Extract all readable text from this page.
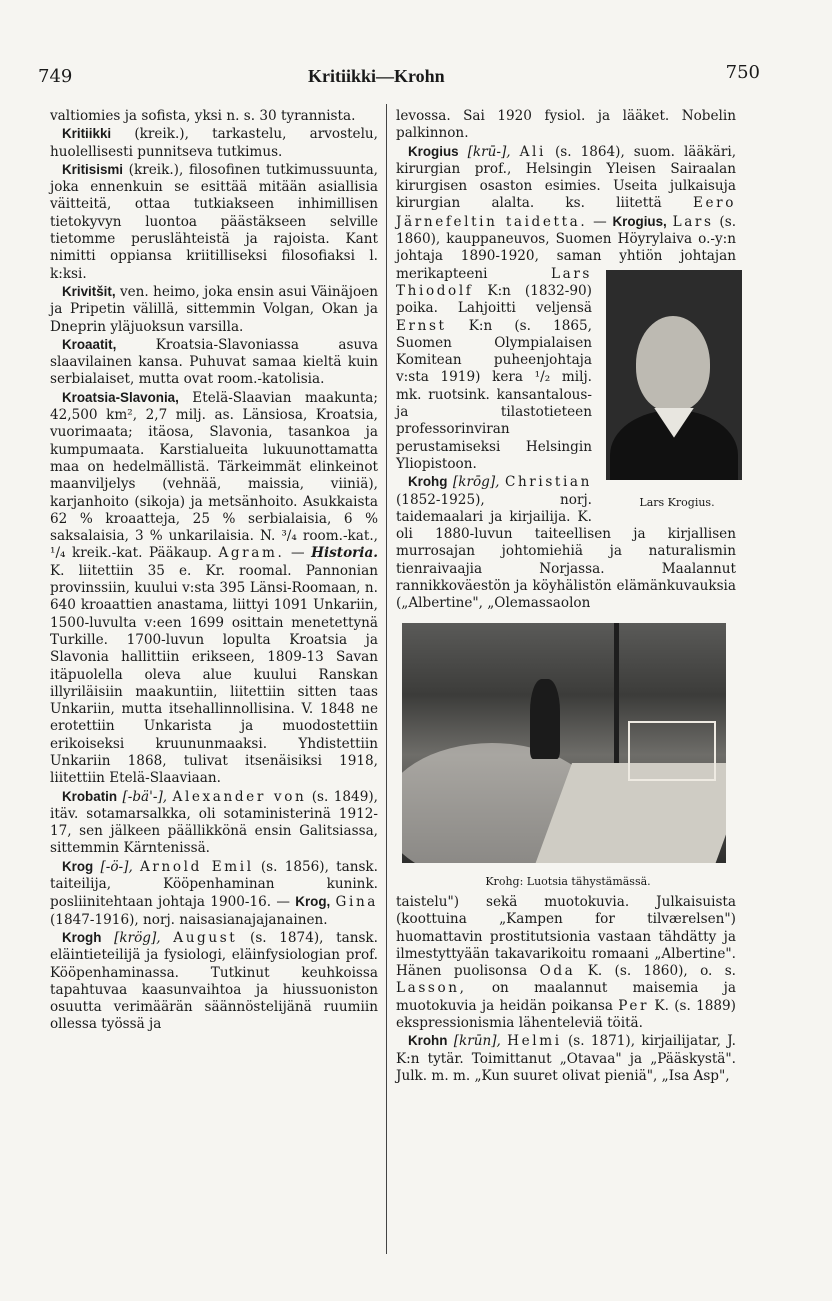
749	Kritiikki—Krohn	750

valtiomies ja sofista, yksi n. s. 30 tyrannista.

Kritiikki (kreik.), tarkastelu, arvostelu, huolellisesti punnitseva tutkimus.

Kritisismi (kreik.), filosofinen tutkimussuunta, joka ennenkuin se esittää mitään asiallisia väitteitä, ottaa tutkiakseen inhimillisen tietokyvyn luontoa päästäkseen selville tietomme peruslähteistä ja rajoista. Kant nimitti oppiansa kriitilliseksi filosofiaksi l. k:ksi.

Krivitšit, ven. heimo, joka ensin asui Väinäjoen ja Pripetin välillä, sittemmin Volgan, Okan ja Dneprin yläjuoksun varsilla.

Kroaatit, Kroatsia-Slavoniassa asuva slaavilainen kansa. Puhuvat samaa kieltä kuin serbialaiset, mutta ovat room.-katolisia.

Kroatsia-Slavonia, Etelä-Slaavian maakunta; 42,500 km², 2,7 milj. as. Länsiosa, Kroatsia, vuorimaata; itäosa, Slavonia, tasankoa ja kumpumaata. Karstialueita lukuunottamatta maa on hedelmällistä. Tärkeimmät elinkeinot maanviljelys (vehnää, maissia, viiniä), karjanhoito (sikoja) ja metsänhoito. Asukkaista 62 % kroaatteja, 25 % serbialaisia, 6 % saksalaisia, 3 % unkarilaisia. N. ³/₄ room.-kat., ¹/₄ kreik.-kat. Pääkaup. Agram. — Historia. K. liitettiin 35 e. Kr. roomal. Pannonian provinssiin, kuului v:sta 395 Länsi-Roomaan, n. 640 kroaattien anastama, liittyi 1091 Unkariin, 1500-luvulta v:een 1699 osittain menetettynä Turkille. 1700-luvun lopulta Kroatsia ja Slavonia hallittiin erikseen, 1809-13 Savan itäpuolella oleva alue kuului Ranskan illyriläisiin maakuntiin, liitettiin sitten taas Unkariin, mutta itsehallinnollisina. V. 1848 ne erotettiin Unkarista ja muodostettiin erikoiseksi kruununmaaksi. Yhdistettiin Unkariin 1868, tulivat itsenäisiksi 1918, liitettiin Etelä-Slaaviaan.

Krobatin [-bä'-], Alexander von (s. 1849), itäv. sotamarsalkka, oli sotaministerinä 1912-17, sen jälkeen päällikkönä ensin Galitsiassa, sittemmin Kärntenissä.

Krog [-ö-], Arnold Emil (s. 1856), tansk. taiteilija, Kööpenhaminan kunink. posliinitehtaan johtaja 1900-16. — Krog, Gina (1847-1916), norj. naisasianajajanainen.

Krogh [krög], August (s. 1874), tansk. eläintieteilijä ja fysiologi, eläinfysiologian prof. Kööpenhaminassa. Tutkinut keuhkoissa tapahtuvaa kaasunvaihtoa ja hiussuoniston osuutta verimäärän säännöstelijänä ruumiin ollessa työssä ja

levossa. Sai 1920 fysiol. ja lääket. Nobelin palkinnon.

Krogius [krū-], Ali (s. 1864), suom. lääkäri, kirurgian prof., Helsingin Yleisen Sairaalan kirurgisen osaston esimies. Useita julkaisuja kirurgian alalta. ks. liitettä Eero Järnefeltin taidetta. — Krogius, Lars (s. 1860), kauppaneuvos, Suomen Höyrylaiva o.-y:n johtaja 1890-1920, saman yhtiön johtajan merikapteeni
Lars Krogius.
Lars Thiodolf K:n (1832-90) poika. Lahjoitti veljensä Ernst K:n (s. 1865, Suomen Olympialaisen Komitean puheenjohtaja v:sta 1919) kera ¹/₂ milj. mk. ruotsink. kansantalous- ja tilastotieteen professorinviran perustamiseksi Helsingin Yliopistoon.

Krohg [krōg], Christian (1852-1925), norj. taidemaalari ja kirjailija. K. oli 1880-luvun taiteellisen ja kirjallisen murrosajan johtomiehiä ja naturalismin tienraivaajia Norjassa. Maalannut rannikkoväestön ja köyhälistön elämänkuvauksia („Albertine", „Olemassaolon

Krohg: Luotsia tähystämässä.

taistelu") sekä muotokuvia. Julkaisuista (koottuina „Kampen for tilværelsen") huomattavin prostitutsionia vastaan tähdätty ja ilmestyttyään takavarikoitu romaani „Albertine". Hänen puolisonsa Oda K. (s. 1860), o. s. Lasson, on maalannut maisemia ja muotokuvia ja heidän poikansa Per K. (s. 1889) ekspressionismia lähenteleviä töitä.

Krohn [krūn], Helmi (s. 1871), kirjailijatar, J. K:n tytär. Toimittanut „Otavaa" ja „Pääskystä". Julk. m. m. „Kun suuret olivat pieniä", „Isa Asp",
